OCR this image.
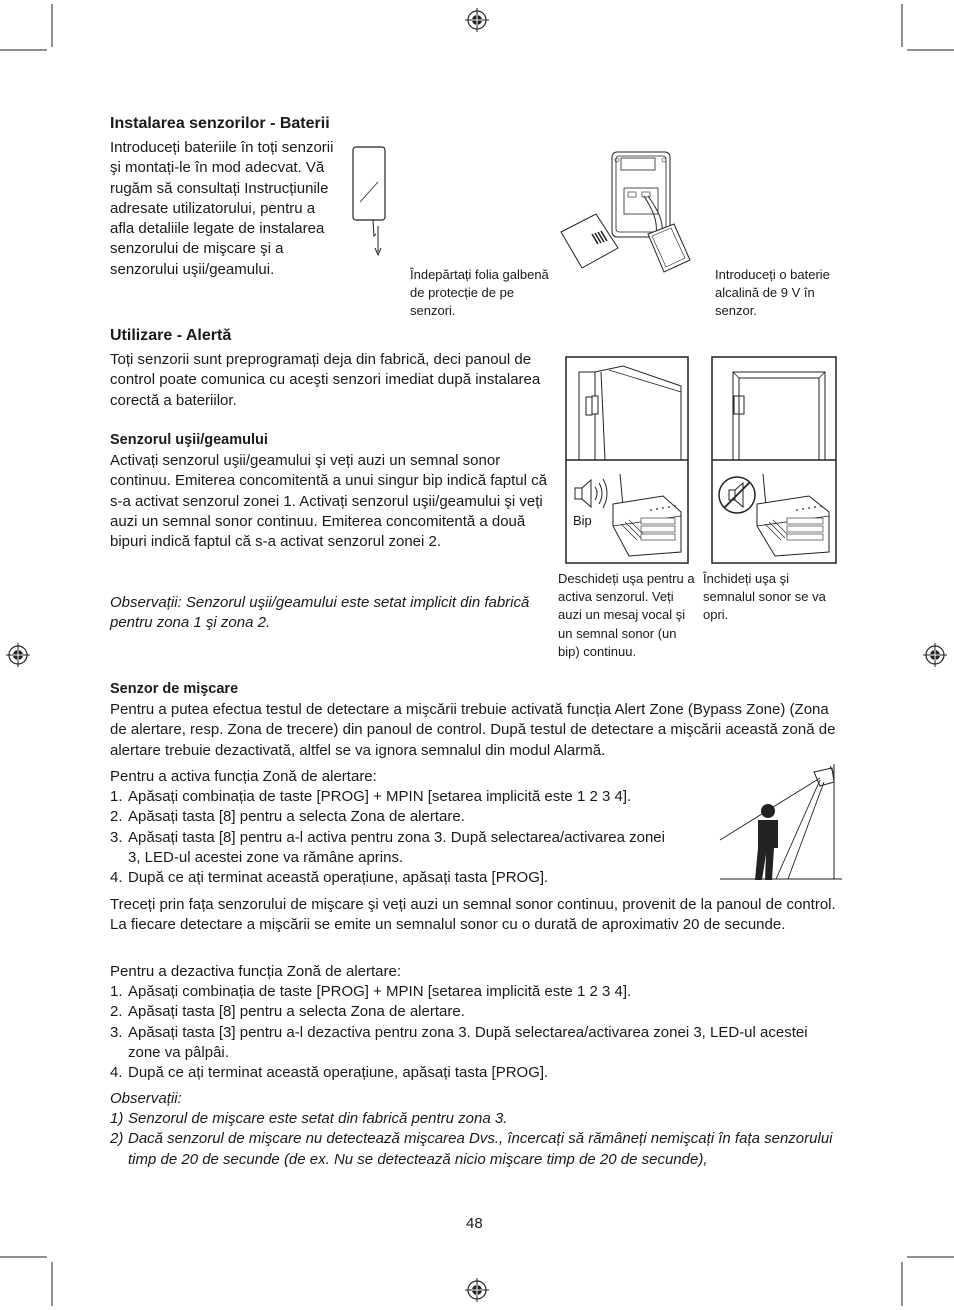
Instalarea senzorilor - Baterii

Introduceți bateriile în toți senzorii şi montați-le în mod adecvat. Vă rugăm să consultați Instrucțiunile adresate utilizatorului, pentru a afla detaliile legate de instalarea senzorului de mişcare şi a senzorului uşii/geamului.	Îndepărtați folia galbenă de protecție de pe senzori.

Introduceți o baterie alcalină de 9 V în senzor.

Utilizare - Alertă

Toți senzorii sunt preprogramați deja din fabrică, deci panoul de control poate comunica cu aceşti senzori imediat după instalarea corectă a bateriilor.

Senzorul uşii/geamului

Activați senzorul uşii/geamului şi veți auzi un semnal sonor continuu. Emiterea concomitentă a unui singur bip indică faptul că s-a activat senzorul zonei 1. Activați senzorul uşii/geamului şi veți auzi un semnal sonor continuu. Emiterea concomitentă a două bipuri indică faptul că s-a activat senzorul zonei 2.

Observații: Senzorul uşii/geamului este setat implicit din fabrică pentru zona 1 şi zona 2.

Bip

Deschideți uşa pentru a activa senzorul. Veți auzi un mesaj vocal şi un semnal sonor (un bip) continuu.

Închideți uşa şi semnalul sonor se va opri.

Senzor de mişcare

Pentru a putea efectua testul de detectare a mişcării trebuie activată funcția Alert Zone (Bypass Zone) (Zona de alertare, resp. Zona de trecere) din panoul de control. După testul de detectare a mişcării această zonă de alertare trebuie dezactivată, altfel se va ignora semnalul din modul Alarmă.

Pentru a activa funcția Zonă de alertare:

1. Apăsați combinația de taste [PROG] + MPIN [setarea implicită este 1 2 3 4].
2. Apăsați tasta [8] pentru a selecta Zona de alertare.
3. Apăsați tasta [8] pentru a-l activa pentru zona 3. După selectarea/activarea zonei 3, LED-ul acestei zone va rămâne aprins.
4. După ce ați terminat această operațiune, apăsați tasta [PROG].

Treceți prin fața senzorului de mişcare şi veți auzi un semnal sonor continuu, provenit de la panoul de control. La fiecare detectare a mişcării se emite un semnalul sonor cu o durată de aproximativ 20 de secunde.

Pentru a dezactiva funcția Zonă de alertare:

1. Apăsați combinația de taste [PROG] + MPIN [setarea implicită este 1 2 3 4].
2. Apăsați tasta [8] pentru a selecta Zona de alertare.
3. Apăsați tasta [3] pentru a-l dezactiva pentru zona 3. După selectarea/activarea zonei 3, LED-ul acestei zone va pâlpâi.
4. După ce ați terminat această operațiune, apăsați tasta [PROG].

Observații:

1) Senzorul de mişcare este setat din fabrică pentru zona 3.
2) Dacă senzorul de mişcare nu detectează mişcarea Dvs., încercați să rămâneți nemişcați în fața senzorului timp de 20 de secunde (de ex. Nu se detectează nicio mişcare timp de 20 de secunde),
48
